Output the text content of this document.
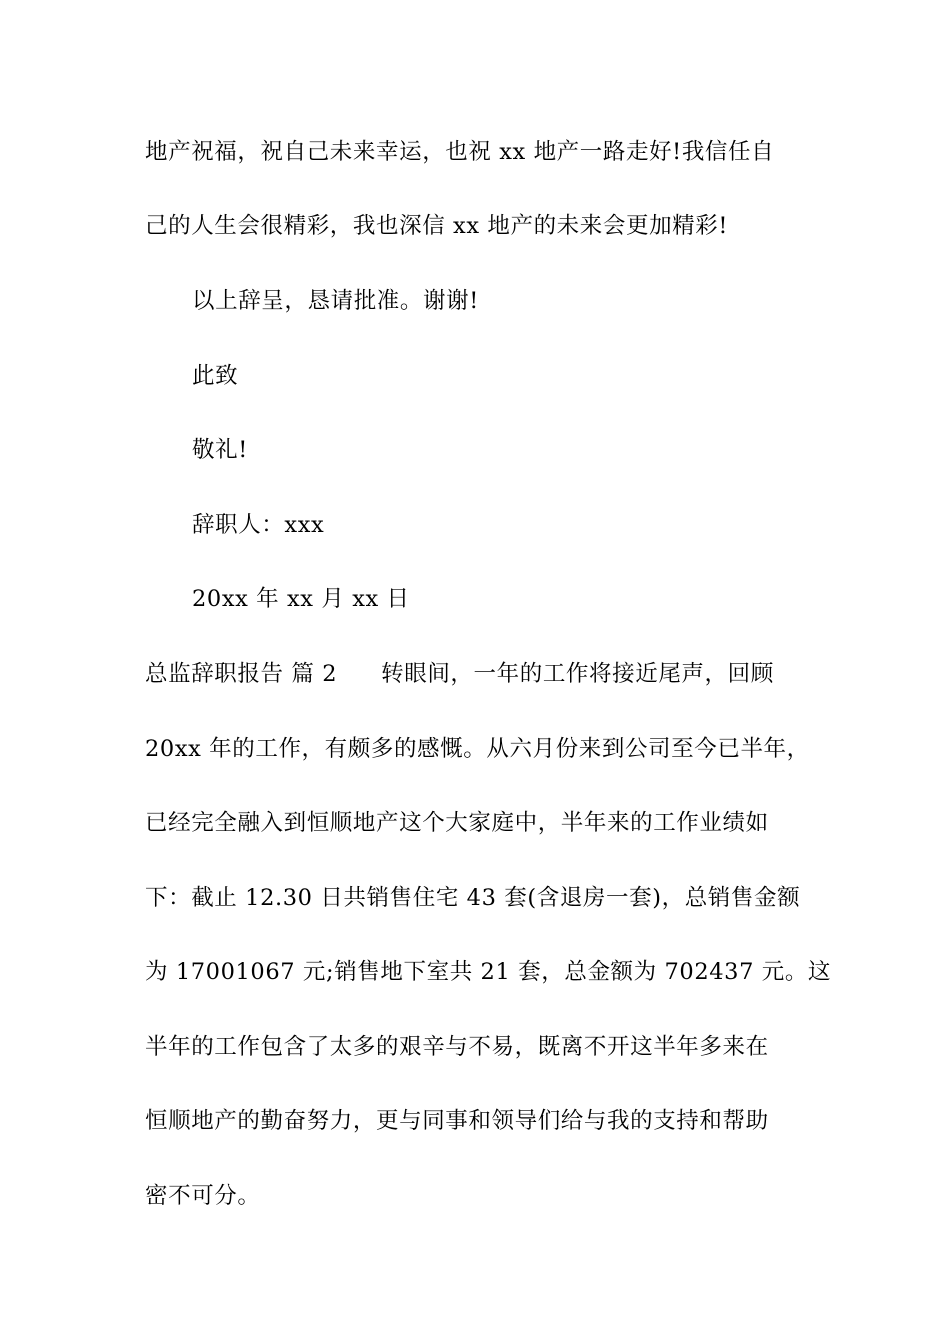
地产祝福，祝自己未来幸运，也祝 xx 地产一路走好!我信任自
己的人生会很精彩，我也深信 xx 地产的未来会更加精彩!
以上辞呈，恳请批准。谢谢!
此致
敬礼!
辞职人：xxx
20xx 年 xx 月 xx 日
总监辞职报告 篇 2 转眼间，一年的工作将接近尾声，回顾
20xx 年的工作，有颇多的感慨。从六月份来到公司至今已半年，
已经完全融入到恒顺地产这个大家庭中，半年来的工作业绩如
下：截止 12.30 日共销售住宅 43 套(含退房一套)，总销售金额
为 17001067 元;销售地下室共 21 套，总金额为 702437 元。这
半年的工作包含了太多的艰辛与不易，既离不开这半年多来在
恒顺地产的勤奋努力，更与同事和领导们给与我的支持和帮助
密不可分。
